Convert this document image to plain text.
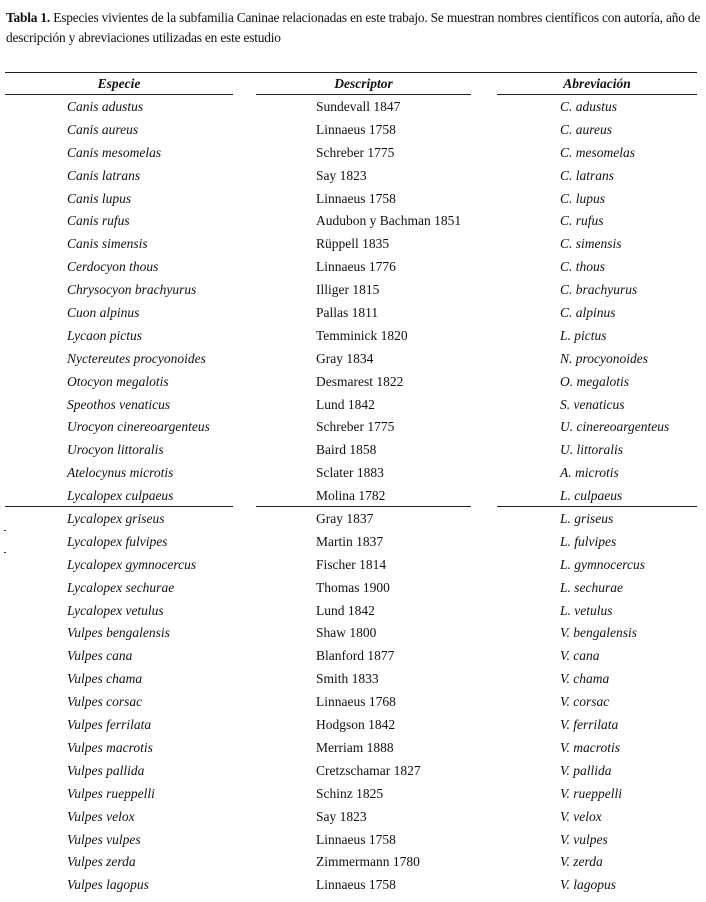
Tabla 1. Especies vivientes de la subfamilia Caninae relacionadas en este trabajo. Se muestran nombres científicos con autoría, año de descripción y abreviaciones utilizadas en este estudio
Especie	Descriptor	Abreviación
Canis adustus	Sundevall 1847	C. adustus
Canis aureus	Linnaeus 1758	C. aureus
Canis mesomelas	Schreber 1775	C. mesomelas
Canis latrans	Say 1823	C. latrans
Canis lupus	Linnaeus 1758	C. lupus
Canis rufus	Audubon y Bachman 1851	C. rufus
Canis simensis	Rüppell 1835	C. simensis
Cerdocyon thous	Linnaeus 1776	C. thous
Chrysocyon brachyurus	Illiger 1815	C. brachyurus
Cuon alpinus	Pallas 1811	C. alpinus
Lycaon pictus	Temminick 1820	L. pictus
Nyctereutes procyonoides	Gray 1834	N. procyonoides
Otocyon megalotis	Desmarest 1822	O. megalotis
Speothos venaticus	Lund 1842	S. venaticus
Urocyon cinereoargenteus	Schreber 1775	U. cinereoargenteus
Urocyon littoralis	Baird 1858	U. littoralis
Atelocynus microtis	Sclater 1883	A. microtis
Lycalopex culpaeus	Molina 1782	L. culpaeus
Lycalopex griseus	Gray 1837	L. griseus
Lycalopex fulvipes	Martin 1837	L. fulvipes
Lycalopex gymnocercus	Fischer 1814	L. gymnocercus
Lycalopex sechurae	Thomas 1900	L. sechurae
Lycalopex vetulus	Lund 1842	L. vetulus
Vulpes bengalensis	Shaw 1800	V. bengalensis
Vulpes cana	Blanford 1877	V. cana
Vulpes chama	Smith 1833	V. chama
Vulpes corsac	Linnaeus 1768	V. corsac
Vulpes ferrilata	Hodgson 1842	V. ferrilata
Vulpes macrotis	Merriam 1888	V. macrotis
Vulpes pallida	Cretzschamar 1827	V. pallida
Vulpes rueppelli	Schinz 1825	V. rueppelli
Vulpes velox	Say 1823	V. velox
Vulpes vulpes	Linnaeus 1758	V. vulpes
Vulpes zerda	Zimmermann 1780	V. zerda
Vulpes lagopus	Linnaeus 1758	V. lagopus
